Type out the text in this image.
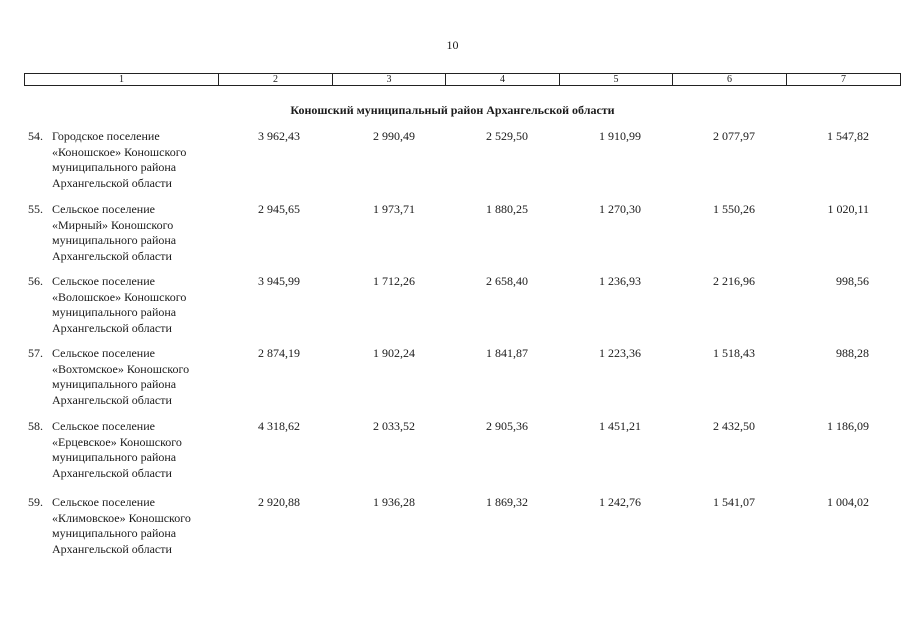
10
1	2	3	4	5	6	7
Коношский муниципальный район Архангельской области
54. Городское поселение
«Коношское» Коношского
муниципального района
Архангельской области
3 962,43	2 990,49	2 529,50	1 910,99	2 077,97	1 547,82
55. Сельское поселение
«Мирный» Коношского
муниципального района
Архангельской области
2 945,65	1 973,71	1 880,25	1 270,30	1 550,26	1 020,11
56. Сельское поселение
«Волошское» Коношского
муниципального района
Архангельской области
3 945,99	1 712,26	2 658,40	1 236,93	2 216,96	998,56
57. Сельское поселение
«Вохтомское» Коношского
муниципального района
Архангельской области
2 874,19	1 902,24	1 841,87	1 223,36	1 518,43	988,28
58. Сельское поселение
«Ерцевское» Коношского
муниципального района
Архангельской области
4 318,62	2 033,52	2 905,36	1 451,21	2 432,50	1 186,09
59. Сельское поселение
«Климовское» Коношского
муниципального района
Архангельской области
2 920,88	1 936,28	1 869,32	1 242,76	1 541,07	1 004,02
